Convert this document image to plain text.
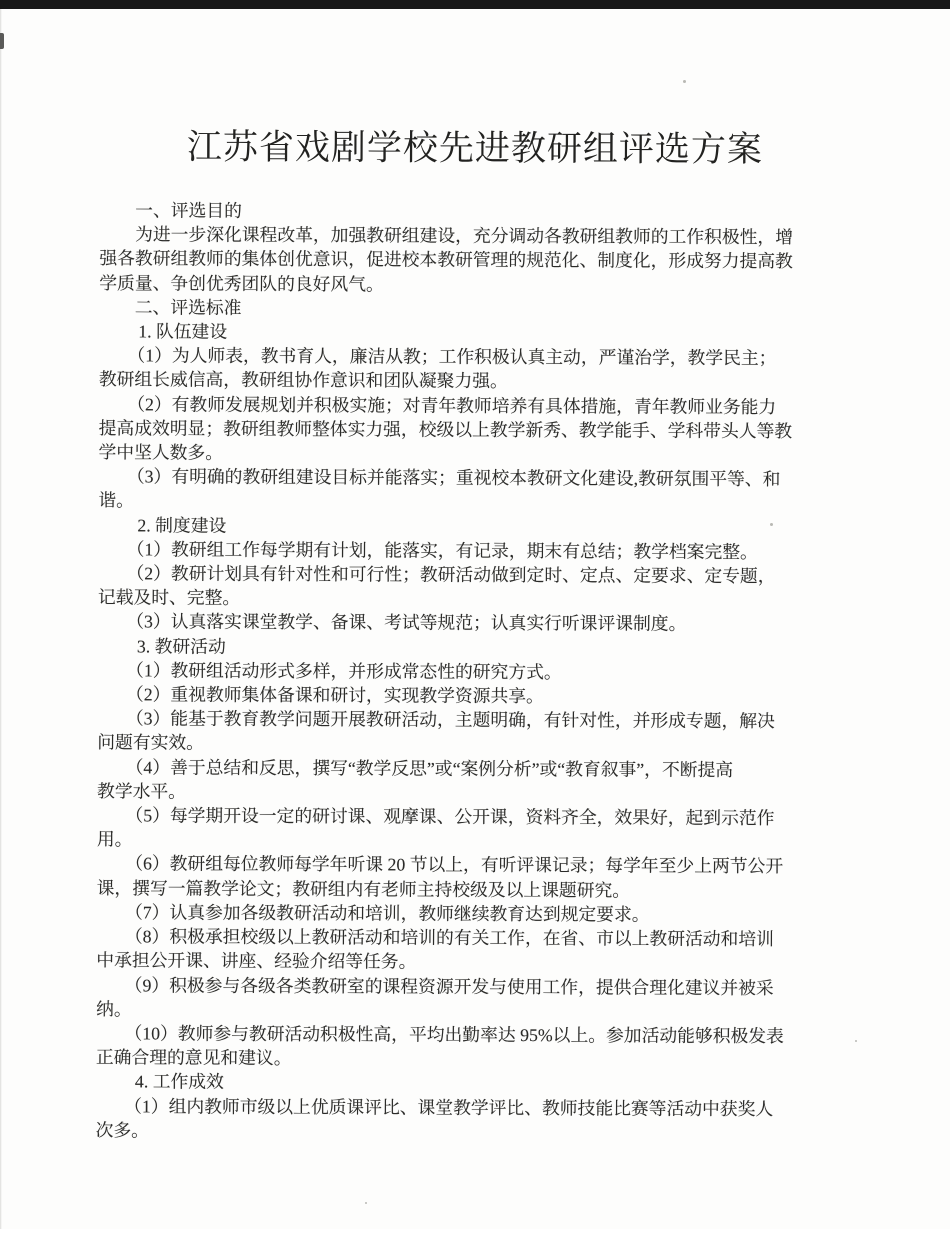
江苏省戏剧学校先进教研组评选方案
一、评选目的
为进一步深化课程改革，加强教研组建设，充分调动各教研组教师的工作积极性，增
强各教研组教师的集体创优意识，促进校本教研管理的规范化、制度化，形成努力提高教
学质量、争创优秀团队的良好风气。
二、评选标准
1. 队伍建设
（1）为人师表，教书育人，廉洁从教；工作积极认真主动，严谨治学，教学民主；
教研组长威信高，教研组协作意识和团队凝聚力强。
（2）有教师发展规划并积极实施；对青年教师培养有具体措施，青年教师业务能力
提高成效明显；教研组教师整体实力强，校级以上教学新秀、教学能手、学科带头人等教
学中坚人数多。
（3）有明确的教研组建设目标并能落实；重视校本教研文化建设,教研氛围平等、和
谐。
2. 制度建设
（1）教研组工作每学期有计划，能落实，有记录，期末有总结；教学档案完整。
（2）教研计划具有针对性和可行性；教研活动做到定时、定点、定要求、定专题，
记载及时、完整。
（3）认真落实课堂教学、备课、考试等规范；认真实行听课评课制度。
3. 教研活动
（1）教研组活动形式多样，并形成常态性的研究方式。
（2）重视教师集体备课和研讨，实现教学资源共享。
（3）能基于教育教学问题开展教研活动，主题明确，有针对性，并形成专题，解决
问题有实效。
（4）善于总结和反思，撰写“教学反思”或“案例分析”或“教育叙事”，不断提高
教学水平。
（5）每学期开设一定的研讨课、观摩课、公开课，资料齐全，效果好，起到示范作
用。
（6）教研组每位教师每学年听课 20 节以上，有听评课记录；每学年至少上两节公开
课，撰写一篇教学论文；教研组内有老师主持校级及以上课题研究。
（7）认真参加各级教研活动和培训，教师继续教育达到规定要求。
（8）积极承担校级以上教研活动和培训的有关工作，在省、市以上教研活动和培训
中承担公开课、讲座、经验介绍等任务。
（9）积极参与各级各类教研室的课程资源开发与使用工作，提供合理化建议并被采
纳。
（10）教师参与教研活动积极性高，平均出勤率达 95%以上。参加活动能够积极发表
正确合理的意见和建议。
4. 工作成效
（1）组内教师市级以上优质课评比、课堂教学评比、教师技能比赛等活动中获奖人
次多。
